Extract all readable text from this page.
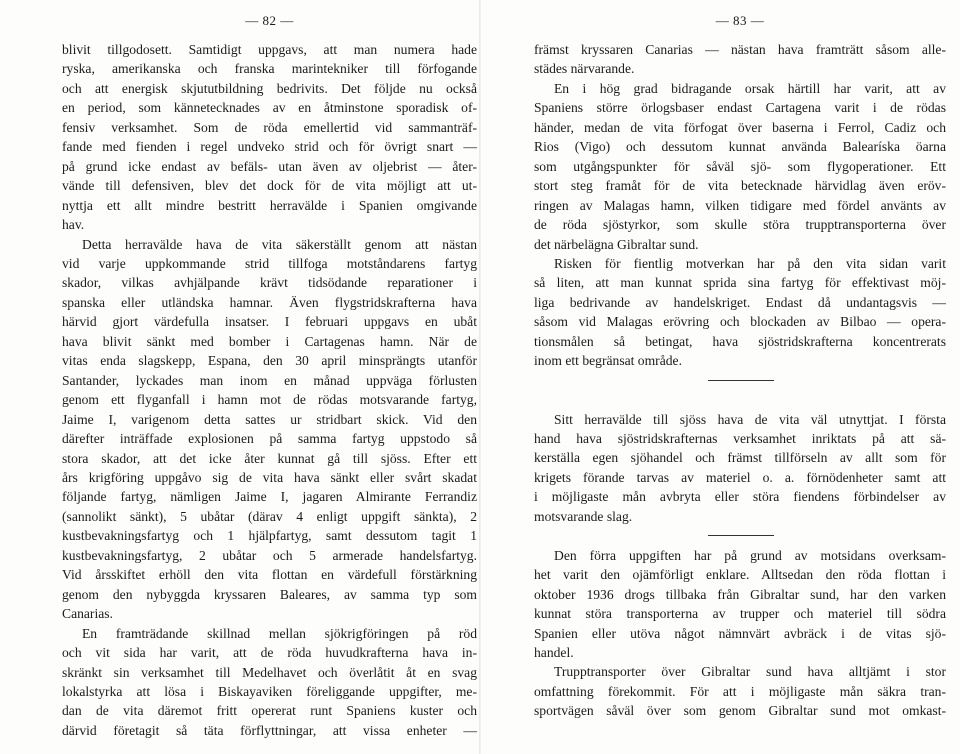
— 82 —
blivit tillgodosett. Samtidigt uppgavs, att man numera hade
ryska, amerikanska och franska marintekniker till förfogande
och att energisk skjututbildning bedrivits. Det följde nu också
en period, som kännetecknades av en åtminstone sporadisk of-
fensiv verksamhet. Som de röda emellertid vid sammanträf-
fande med fienden i regel undveko strid och för övrigt snart —
på grund icke endast av befäls- utan även av oljebrist — åter-
vände till defensiven, blev det dock för de vita möjligt att ut-
nyttja ett allt mindre bestritt herravälde i Spanien omgivande
hav.
Detta herravälde hava de vita säkerställt genom att nästan
vid varje uppkommande strid tillfoga motståndarens fartyg
skador, vilkas avhjälpande krävt tidsödande reparationer i
spanska eller utländska hamnar. Även flygstridskrafterna hava
härvid gjort värdefulla insatser. I februari uppgavs en ubåt
hava blivit sänkt med bomber i Cartagenas hamn. När de
vitas enda slagskepp, Espana, den 30 april minsprängts utanför
Santander, lyckades man inom en månad uppväga förlusten
genom ett flyganfall i hamn mot de rödas motsvarande fartyg,
Jaime I, varigenom detta sattes ur stridbart skick. Vid den
därefter inträffade explosionen på samma fartyg uppstodo så
stora skador, att det icke åter kunnat gå till sjöss. Efter ett
års krigföring uppgåvo sig de vita hava sänkt eller svårt skadat
följande fartyg, nämligen Jaime I, jagaren Almirante Ferrandiz
(sannolikt sänkt), 5 ubåtar (därav 4 enligt uppgift sänkta), 2
kustbevakningsfartyg och 1 hjälpfartyg, samt dessutom tagit 1
kustbevakningsfartyg, 2 ubåtar och 5 armerade handelsfartyg.
Vid årsskiftet erhöll den vita flottan en värdefull förstärkning
genom den nybyggda kryssaren Baleares, av samma typ som
Canarias.
En framträdande skillnad mellan sjökrigföringen på röd
och vit sida har varit, att de röda huvudkrafterna hava in-
skränkt sin verksamhet till Medelhavet och överlåtit åt en svag
lokalstyrka att lösa i Biskayaviken föreliggande uppgifter, me-
dan de vita däremot fritt opererat runt Spaniens kuster och
därvid företagit så täta förflyttningar, att vissa enheter —
— 83 —
främst kryssaren Canarias — nästan hava framträtt såsom alle-
städes närvarande.
En i hög grad bidragande orsak härtill har varit, att av
Spaniens större örlogsbaser endast Cartagena varit i de rödas
händer, medan de vita förfogat över baserna i Ferrol, Cadiz och
Rios (Vigo) och dessutom kunnat använda Balearíska öarna
som utgångspunkter för såväl sjö- som flygoperationer. Ett
stort steg framåt för de vita betecknade härvidlag även eröv-
ringen av Malagas hamn, vilken tidigare med fördel använts av
de röda sjöstyrkor, som skulle störa trupptransporterna över
det närbelägna Gibraltar sund.
Risken för fientlig motverkan har på den vita sidan varit
så liten, att man kunnat sprida sina fartyg för effektivast möj-
liga bedrivande av handelskriget. Endast då undantagsvis —
såsom vid Malagas erövring och blockaden av Bilbao — opera-
tionsmålen så betingat, hava sjöstridskrafterna koncentrerats
inom ett begränsat område.
Sitt herravälde till sjöss hava de vita väl utnyttjat. I första
hand hava sjöstridskrafternas verksamhet inriktats på att sä-
kerställa egen sjöhandel och främst tillförseln av allt som för
krigets förande tarvas av materiel o. a. förnödenheter samt att
i möjligaste mån avbryta eller störa fiendens förbindelser av
motsvarande slag.
Den förra uppgiften har på grund av motsidans overksam-
het varit den ojämförligt enklare. Alltsedan den röda flottan i
oktober 1936 drogs tillbaka från Gibraltar sund, har den varken
kunnat störa transporterna av trupper och materiel till södra
Spanien eller utöva något nämnvärt avbräck i de vitas sjö-
handel.
Trupptransporter över Gibraltar sund hava alltjämt i stor
omfattning förekommit. För att i möjligaste mån säkra tran-
sportvägen såväl över som genom Gibraltar sund mot omkast-
